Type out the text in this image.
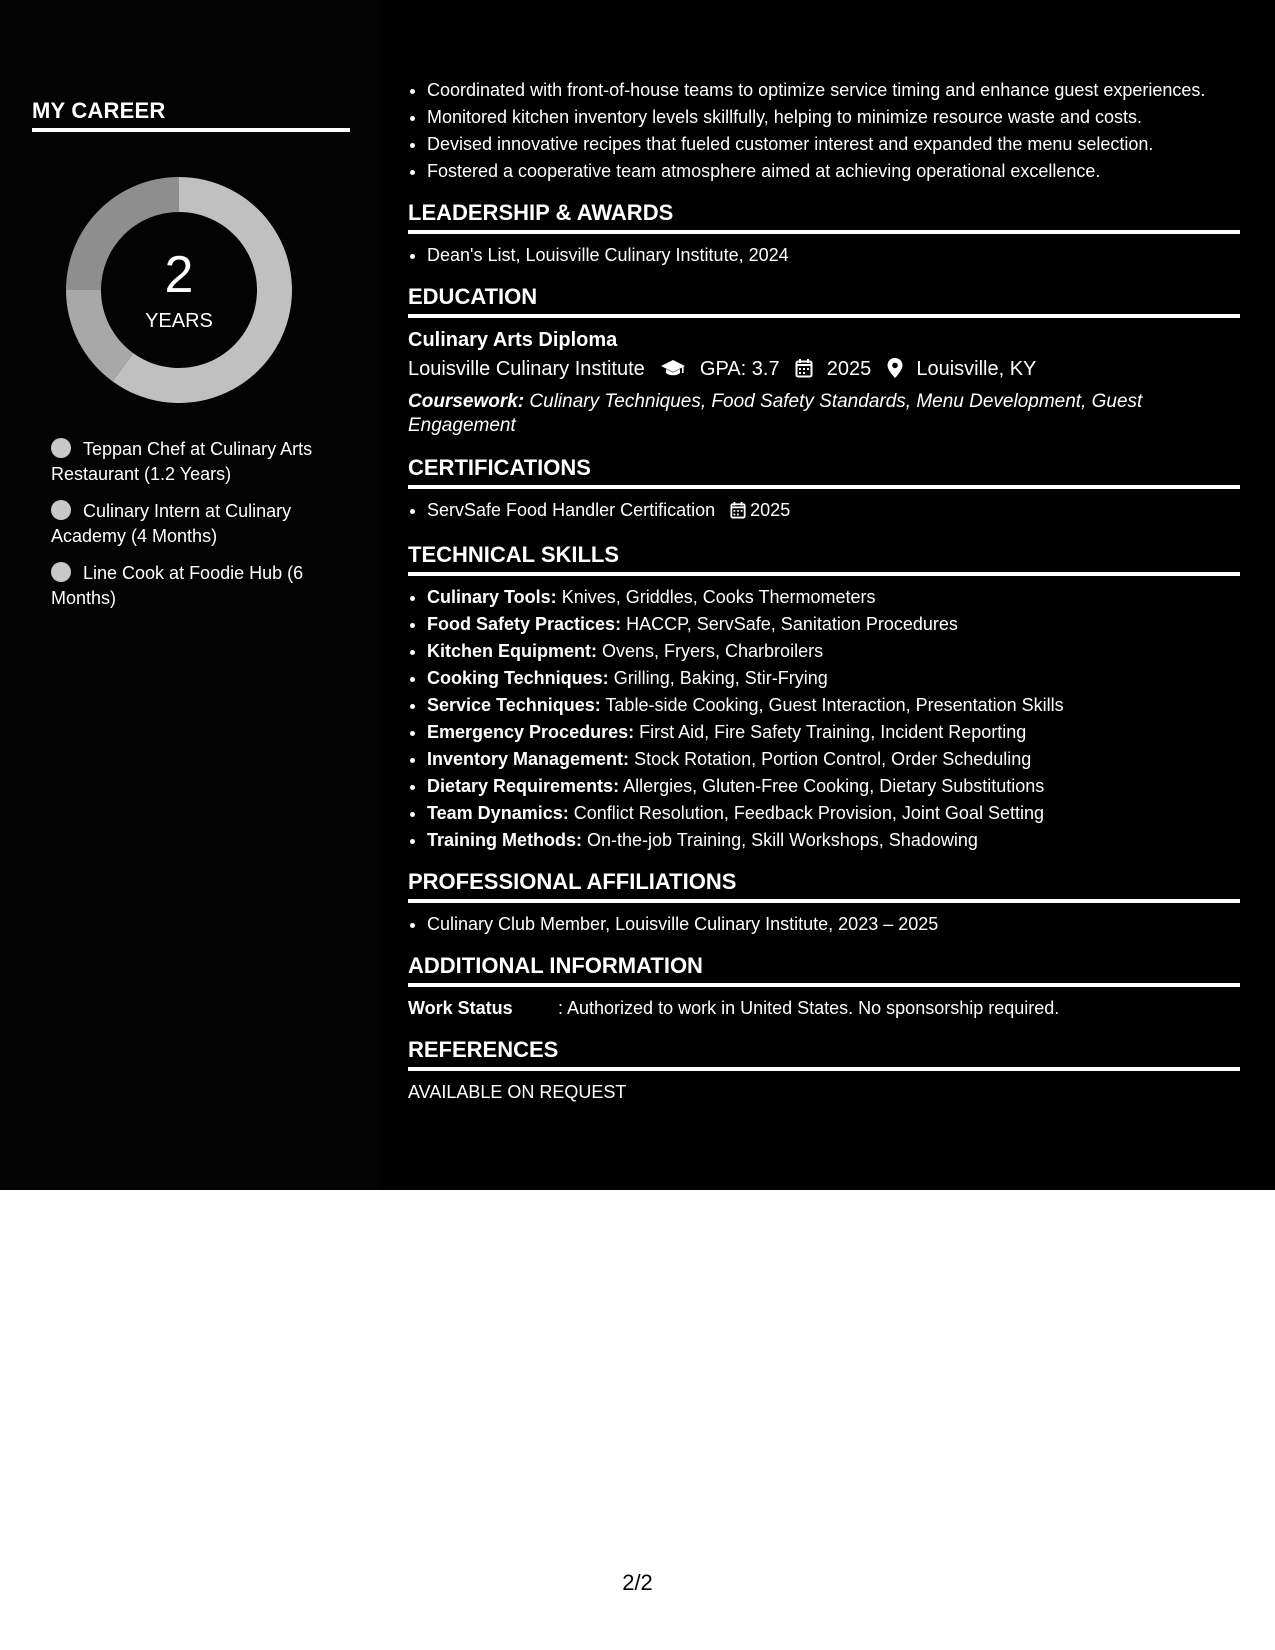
MY CAREER
2
YEARS
Teppan Chef at Culinary Arts Restaurant (1.2 Years)
Culinary Intern at Culinary Academy (4 Months)
Line Cook at Foodie Hub (6 Months)
• Coordinated with front-of-house teams to optimize service timing and enhance guest experiences.
• Monitored kitchen inventory levels skillfully, helping to minimize resource waste and costs.
• Devised innovative recipes that fueled customer interest and expanded the menu selection.
• Fostered a cooperative team atmosphere aimed at achieving operational excellence.
LEADERSHIP & AWARDS
• Dean's List, Louisville Culinary Institute, 2024
EDUCATION
Culinary Arts Diploma
Louisville Culinary Institute	GPA: 3.7 2025 Louisville, KY
Coursework: Culinary Techniques, Food Safety Standards, Menu Development, Guest Engagement
CERTIFICATIONS
• ServSafe Food Handler Certification 2025
TECHNICAL SKILLS
• Culinary Tools: Knives, Griddles, Cooks Thermometers
• Food Safety Practices: HACCP, ServSafe, Sanitation Procedures
• Kitchen Equipment: Ovens, Fryers, Charbroilers
• Cooking Techniques: Grilling, Baking, Stir-Frying
• Service Techniques: Table-side Cooking, Guest Interaction, Presentation Skills
• Emergency Procedures: First Aid, Fire Safety Training, Incident Reporting
• Inventory Management: Stock Rotation, Portion Control, Order Scheduling
• Dietary Requirements: Allergies, Gluten-Free Cooking, Dietary Substitutions
• Team Dynamics: Conflict Resolution, Feedback Provision, Joint Goal Setting
• Training Methods: On-the-job Training, Skill Workshops, Shadowing
PROFESSIONAL AFFILIATIONS
• Culinary Club Member, Louisville Culinary Institute, 2023 – 2025
ADDITIONAL INFORMATION
Work Status	: Authorized to work in United States. No sponsorship required.
REFERENCES
AVAILABLE ON REQUEST
2/2
